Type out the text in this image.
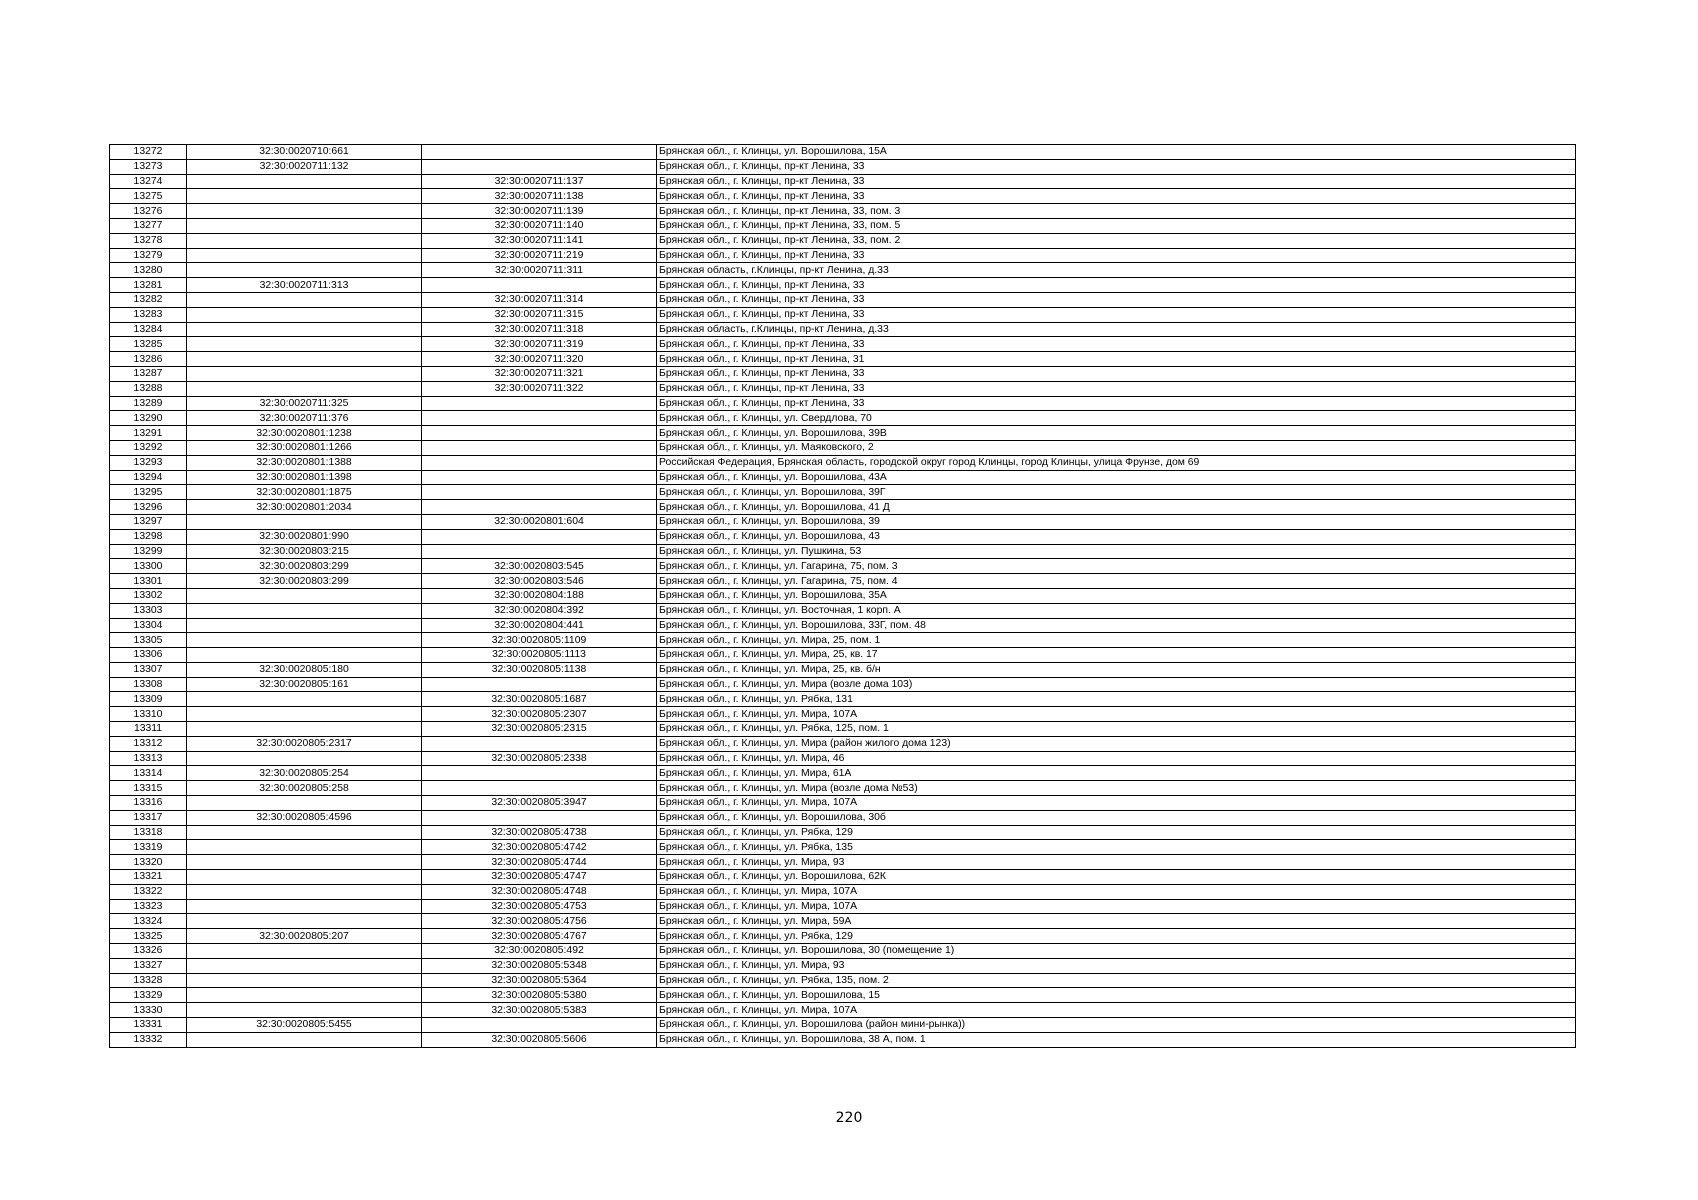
13272	32:30:0020710:661		Брянская обл., г. Клинцы, ул. Ворошилова, 15А
13273	32:30:0020711:132		Брянская обл., г. Клинцы, пр-кт Ленина, 33
13274		32:30:0020711:137	Брянская обл., г. Клинцы, пр-кт Ленина, 33
13275		32:30:0020711:138	Брянская обл., г. Клинцы, пр-кт Ленина, 33
13276		32:30:0020711:139	Брянская обл., г. Клинцы, пр-кт Ленина, 33, пом. 3
13277		32:30:0020711:140	Брянская обл., г. Клинцы, пр-кт Ленина, 33, пом. 5
13278		32:30:0020711:141	Брянская обл., г. Клинцы, пр-кт Ленина, 33, пом. 2
13279		32:30:0020711:219	Брянская обл., г. Клинцы, пр-кт Ленина, 33
13280		32:30:0020711:311	Брянская область, г.Клинцы, пр-кт Ленина, д.33
13281	32:30:0020711:313		Брянская обл., г. Клинцы, пр-кт Ленина, 33
13282		32:30:0020711:314	Брянская обл., г. Клинцы, пр-кт Ленина, 33
13283		32:30:0020711:315	Брянская обл., г. Клинцы, пр-кт Ленина, 33
13284		32:30:0020711:318	Брянская область, г.Клинцы, пр-кт Ленина, д.33
13285		32:30:0020711:319	Брянская обл., г. Клинцы, пр-кт Ленина, 33
13286		32:30:0020711:320	Брянская обл., г. Клинцы, пр-кт Ленина, 31
13287		32:30:0020711:321	Брянская обл., г. Клинцы, пр-кт Ленина, 33
13288		32:30:0020711:322	Брянская обл., г. Клинцы, пр-кт Ленина, 33
13289	32:30:0020711:325		Брянская обл., г. Клинцы, пр-кт Ленина, 33
13290	32:30:0020711:376		Брянская обл., г. Клинцы, ул. Свердлова, 70
13291	32:30:0020801:1238		Брянская обл., г. Клинцы, ул. Ворошилова, 39В
13292	32:30:0020801:1266		Брянская обл., г. Клинцы, ул. Маяковского, 2
13293	32:30:0020801:1388		Российская Федерация, Брянская область, городской округ город Клинцы, город Клинцы, улица Фрунзе, дом 69
13294	32:30:0020801:1398		Брянская обл., г. Клинцы, ул. Ворошилова, 43А
13295	32:30:0020801:1875		Брянская обл., г. Клинцы, ул. Ворошилова, 39Г
13296	32:30:0020801:2034		Брянская обл., г. Клинцы, ул. Ворошилова, 41 Д
13297		32:30:0020801:604	Брянская обл., г. Клинцы, ул. Ворошилова, 39
13298	32:30:0020801:990		Брянская обл., г. Клинцы, ул. Ворошилова, 43
13299	32:30:0020803:215		Брянская обл., г. Клинцы, ул. Пушкина, 53
13300	32:30:0020803:299	32:30:0020803:545	Брянская обл., г. Клинцы, ул. Гагарина, 75, пом. 3
13301	32:30:0020803:299	32:30:0020803:546	Брянская обл., г. Клинцы, ул. Гагарина, 75, пом. 4
13302		32:30:0020804:188	Брянская обл., г. Клинцы, ул. Ворошилова, 35А
13303		32:30:0020804:392	Брянская обл., г. Клинцы, ул. Восточная, 1 корп. А
13304		32:30:0020804:441	Брянская обл., г. Клинцы, ул. Ворошилова, 33Г, пом. 48
13305		32:30:0020805:1109	Брянская обл., г. Клинцы, ул. Мира, 25, пом. 1
13306		32:30:0020805:1113	Брянская обл., г. Клинцы, ул. Мира, 25, кв. 17
13307	32:30:0020805:180	32:30:0020805:1138	Брянская обл., г. Клинцы, ул. Мира, 25, кв. б/н
13308	32:30:0020805:161		Брянская обл., г. Клинцы, ул. Мира (возле дома 103)
13309		32:30:0020805:1687	Брянская обл., г. Клинцы, ул. Рябка, 131
13310		32:30:0020805:2307	Брянская обл., г. Клинцы, ул. Мира, 107А
13311		32:30:0020805:2315	Брянская обл., г. Клинцы, ул. Рябка, 125, пом. 1
13312	32:30:0020805:2317		Брянская обл., г. Клинцы, ул. Мира (район жилого дома 123)
13313		32:30:0020805:2338	Брянская обл., г. Клинцы, ул. Мира, 46
13314	32:30:0020805:254		Брянская обл., г. Клинцы, ул. Мира, 61А
13315	32:30:0020805:258		Брянская обл., г. Клинцы, ул. Мира (возле дома №53)
13316		32:30:0020805:3947	Брянская обл., г. Клинцы, ул. Мира, 107А
13317	32:30:0020805:4596		Брянская обл., г. Клинцы, ул. Ворошилова, 30б
13318		32:30:0020805:4738	Брянская обл., г. Клинцы, ул. Рябка, 129
13319		32:30:0020805:4742	Брянская обл., г. Клинцы, ул. Рябка, 135
13320		32:30:0020805:4744	Брянская обл., г. Клинцы, ул. Мира, 93
13321		32:30:0020805:4747	Брянская обл., г. Клинцы, ул. Ворошилова, 62К
13322		32:30:0020805:4748	Брянская обл., г. Клинцы, ул. Мира, 107А
13323		32:30:0020805:4753	Брянская обл., г. Клинцы, ул. Мира, 107А
13324		32:30:0020805:4756	Брянская обл., г. Клинцы, ул. Мира, 59А
13325	32:30:0020805:207	32:30:0020805:4767	Брянская обл., г. Клинцы, ул. Рябка, 129
13326		32:30:0020805:492	Брянская обл., г. Клинцы, ул. Ворошилова, 30 (помещение 1)
13327		32:30:0020805:5348	Брянская обл., г. Клинцы, ул. Мира, 93
13328		32:30:0020805:5364	Брянская обл., г. Клинцы, ул. Рябка, 135, пом. 2
13329		32:30:0020805:5380	Брянская обл., г. Клинцы, ул. Ворошилова, 15
13330		32:30:0020805:5383	Брянская обл., г. Клинцы, ул. Мира, 107А
13331	32:30:0020805:5455		Брянская обл., г. Клинцы, ул. Ворошилова (район мини-рынка))
13332		32:30:0020805:5606	Брянская обл., г. Клинцы, ул. Ворошилова, 38 А, пом. 1
220
